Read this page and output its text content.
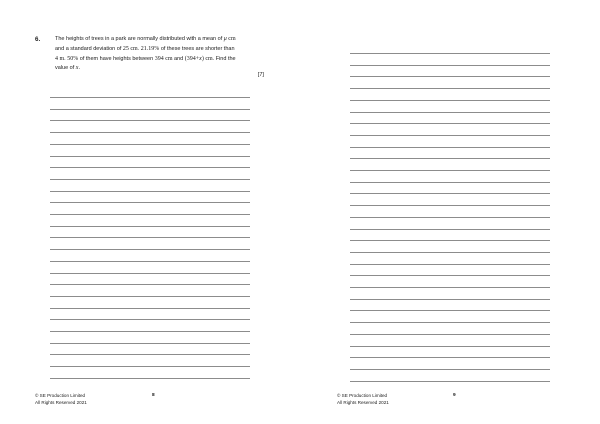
6.	The heights of trees in a park are normally distributed with a mean of μ cm
and a standard deviation of 25 cm. 21.19% of these trees are shorter than
4 m. 50% of them have heights between 394 cm and (394+x) cm. Find the
value of x.
[7]
© SE Production Limited
All Rights Reserved 2021
8	© SE Production Limited
All Rights Reserved 2021
9
